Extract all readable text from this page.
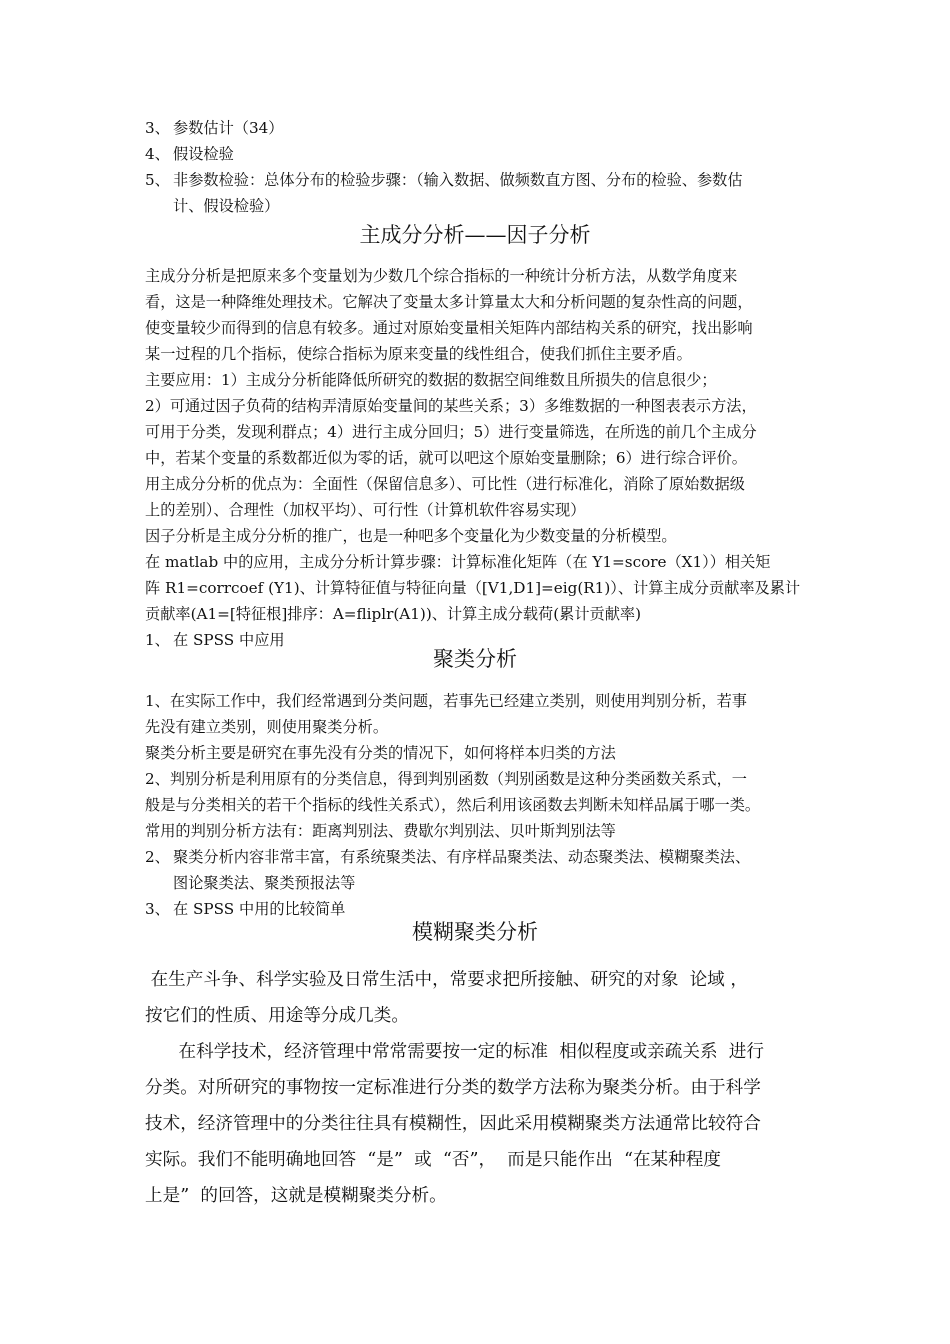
3、 参数估计（34）
4、 假设检验
5、 非参数检验：总体分布的检验步骤：（输入数据、做频数直方图、分布的检验、参数估
计、假设检验）
主成分分析——因子分析
主成分分析是把原来多个变量划为少数几个综合指标的一种统计分析方法，从数学角度来
看，这是一种降维处理技术。它解决了变量太多计算量太大和分析问题的复杂性高的问题，
使变量较少而得到的信息有较多。通过对原始变量相关矩阵内部结构关系的研究，找出影响
某一过程的几个指标，使综合指标为原来变量的线性组合，使我们抓住主要矛盾。
主要应用：1）主成分分析能降低所研究的数据的数据空间维数且所损失的信息很少；
2）可通过因子负荷的结构弄清原始变量间的某些关系；3）多维数据的一种图表表示方法，
可用于分类，发现利群点；4）进行主成分回归；5）进行变量筛选，在所选的前几个主成分
中，若某个变量的系数都近似为零的话，就可以吧这个原始变量删除；6）进行综合评价。
用主成分分析的优点为：全面性（保留信息多）、可比性（进行标准化，消除了原始数据级
上的差别）、合理性（加权平均）、可行性（计算机软件容易实现）
因子分析是主成分分析的推广，也是一种吧多个变量化为少数变量的分析模型。
在 matlab 中的应用，主成分分析计算步骤：计算标准化矩阵（在 Y1=score（X1））相关矩
阵 R1=corrcoef (Y1)、计算特征值与特征向量（[V1,D1]=eig(R1)）、计算主成分贡献率及累计
贡献率(A1=[特征根]排序：A=fliplr(A1))、计算主成分载荷(累计贡献率)
1、 在 SPSS 中应用
聚类分析
1、在实际工作中，我们经常遇到分类问题，若事先已经建立类别，则使用判别分析，若事
先没有建立类别，则使用聚类分析。
聚类分析主要是研究在事先没有分类的情况下，如何将样本归类的方法
2、判别分析是利用原有的分类信息，得到判别函数（判别函数是这种分类函数关系式，一
般是与分类相关的若干个指标的线性关系式），然后利用该函数去判断未知样品属于哪一类。
常用的判别分析方法有：距离判别法、费歇尔判别法、贝叶斯判别法等
2、 聚类分析内容非常丰富，有系统聚类法、有序样品聚类法、动态聚类法、模糊聚类法、
图论聚类法、聚类预报法等
3、 在 SPSS 中用的比较简单
模糊聚类分析
在生产斗争、科学实验及日常生活中，常要求把所接触、研究的对象  论域 ，
按它们的性质、用途等分成几类。
在科学技术，经济管理中常常需要按一定的标准  相似程度或亲疏关系  进行
分类。对所研究的事物按一定标准进行分类的数学方法称为聚类分析。由于科学
技术，经济管理中的分类往往具有模糊性，因此采用模糊聚类方法通常比较符合
实际。我们不能明确地回答  “是”  或  “否”，  而是只能作出  “在某种程度
上是”  的回答，这就是模糊聚类分析。
